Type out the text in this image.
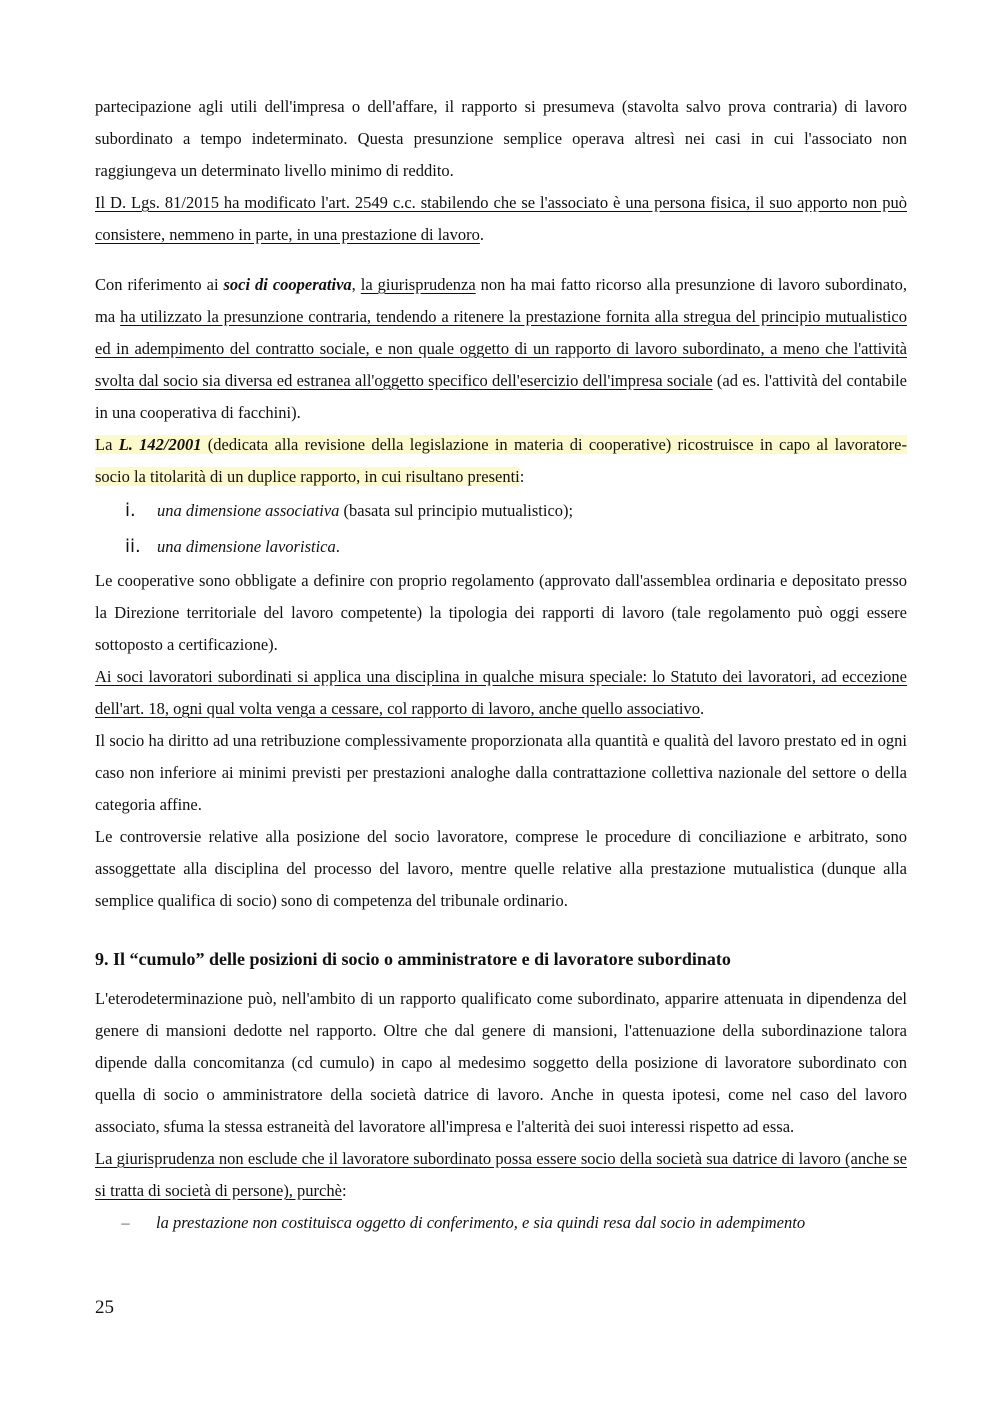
partecipazione agli utili dell'impresa o dell'affare, il rapporto si presumeva (stavolta salvo prova contraria) di lavoro subordinato a tempo indeterminato. Questa presunzione semplice operava altresì nei casi in cui l'associato non raggiungeva un determinato livello minimo di reddito.

Il D. Lgs. 81/2015 ha modificato l'art. 2549 c.c. stabilendo che se l'associato è una persona fisica, il suo apporto non può consistere, nemmeno in parte, in una prestazione di lavoro.

Con riferimento ai soci di cooperativa, la giurisprudenza non ha mai fatto ricorso alla presunzione di lavoro subordinato, ma ha utilizzato la presunzione contraria, tendendo a ritenere la prestazione fornita alla stregua del principio mutualistico ed in adempimento del contratto sociale, e non quale oggetto di un rapporto di lavoro subordinato, a meno che l'attività svolta dal socio sia diversa ed estranea all'oggetto specifico dell'esercizio dell'impresa sociale (ad es. l'attività del contabile in una cooperativa di facchini).

La L. 142/2001 (dedicata alla revisione della legislazione in materia di cooperative) ricostruisce in capo al lavoratore-socio la titolarità di un duplice rapporto, in cui risultano presenti:

i.	una dimensione associativa (basata sul principio mutualistico);
ii. una dimensione lavoristica.

Le cooperative sono obbligate a definire con proprio regolamento (approvato dall'assemblea ordinaria e depositato presso la Direzione territoriale del lavoro competente) la tipologia dei rapporti di lavoro (tale regolamento può oggi essere sottoposto a certificazione).

Ai soci lavoratori subordinati si applica una disciplina in qualche misura speciale: lo Statuto dei lavoratori, ad eccezione dell'art. 18, ogni qual volta venga a cessare, col rapporto di lavoro, anche quello associativo.

Il socio ha diritto ad una retribuzione complessivamente proporzionata alla quantità e qualità del lavoro prestato ed in ogni caso non inferiore ai minimi previsti per prestazioni analoghe dalla contrattazione collettiva nazionale del settore o della categoria affine.

Le controversie relative alla posizione del socio lavoratore, comprese le procedure di conciliazione e arbitrato, sono assoggettate alla disciplina del processo del lavoro, mentre quelle relative alla prestazione mutualistica (dunque alla semplice qualifica di socio) sono di competenza del tribunale ordinario.

9. Il “cumulo” delle posizioni di socio o amministratore e di lavoratore subordinato

L'eterodeterminazione può, nell'ambito di un rapporto qualificato come subordinato, apparire attenuata in dipendenza del genere di mansioni dedotte nel rapporto. Oltre che dal genere di mansioni, l'attenuazione della subordinazione talora dipende dalla concomitanza (cd cumulo) in capo al medesimo soggetto della posizione di lavoratore subordinato con quella di socio o amministratore della società datrice di lavoro. Anche in questa ipotesi, come nel caso del lavoro associato, sfuma la stessa estraneità del lavoratore all'impresa e l'alterità dei suoi interessi rispetto ad essa.

La giurisprudenza non esclude che il lavoratore subordinato possa essere socio della società sua datrice di lavoro (anche se si tratta di società di persone), purchè:

–	la prestazione non costituisca oggetto di conferimento, e sia quindi resa dal socio in adempimento
25
